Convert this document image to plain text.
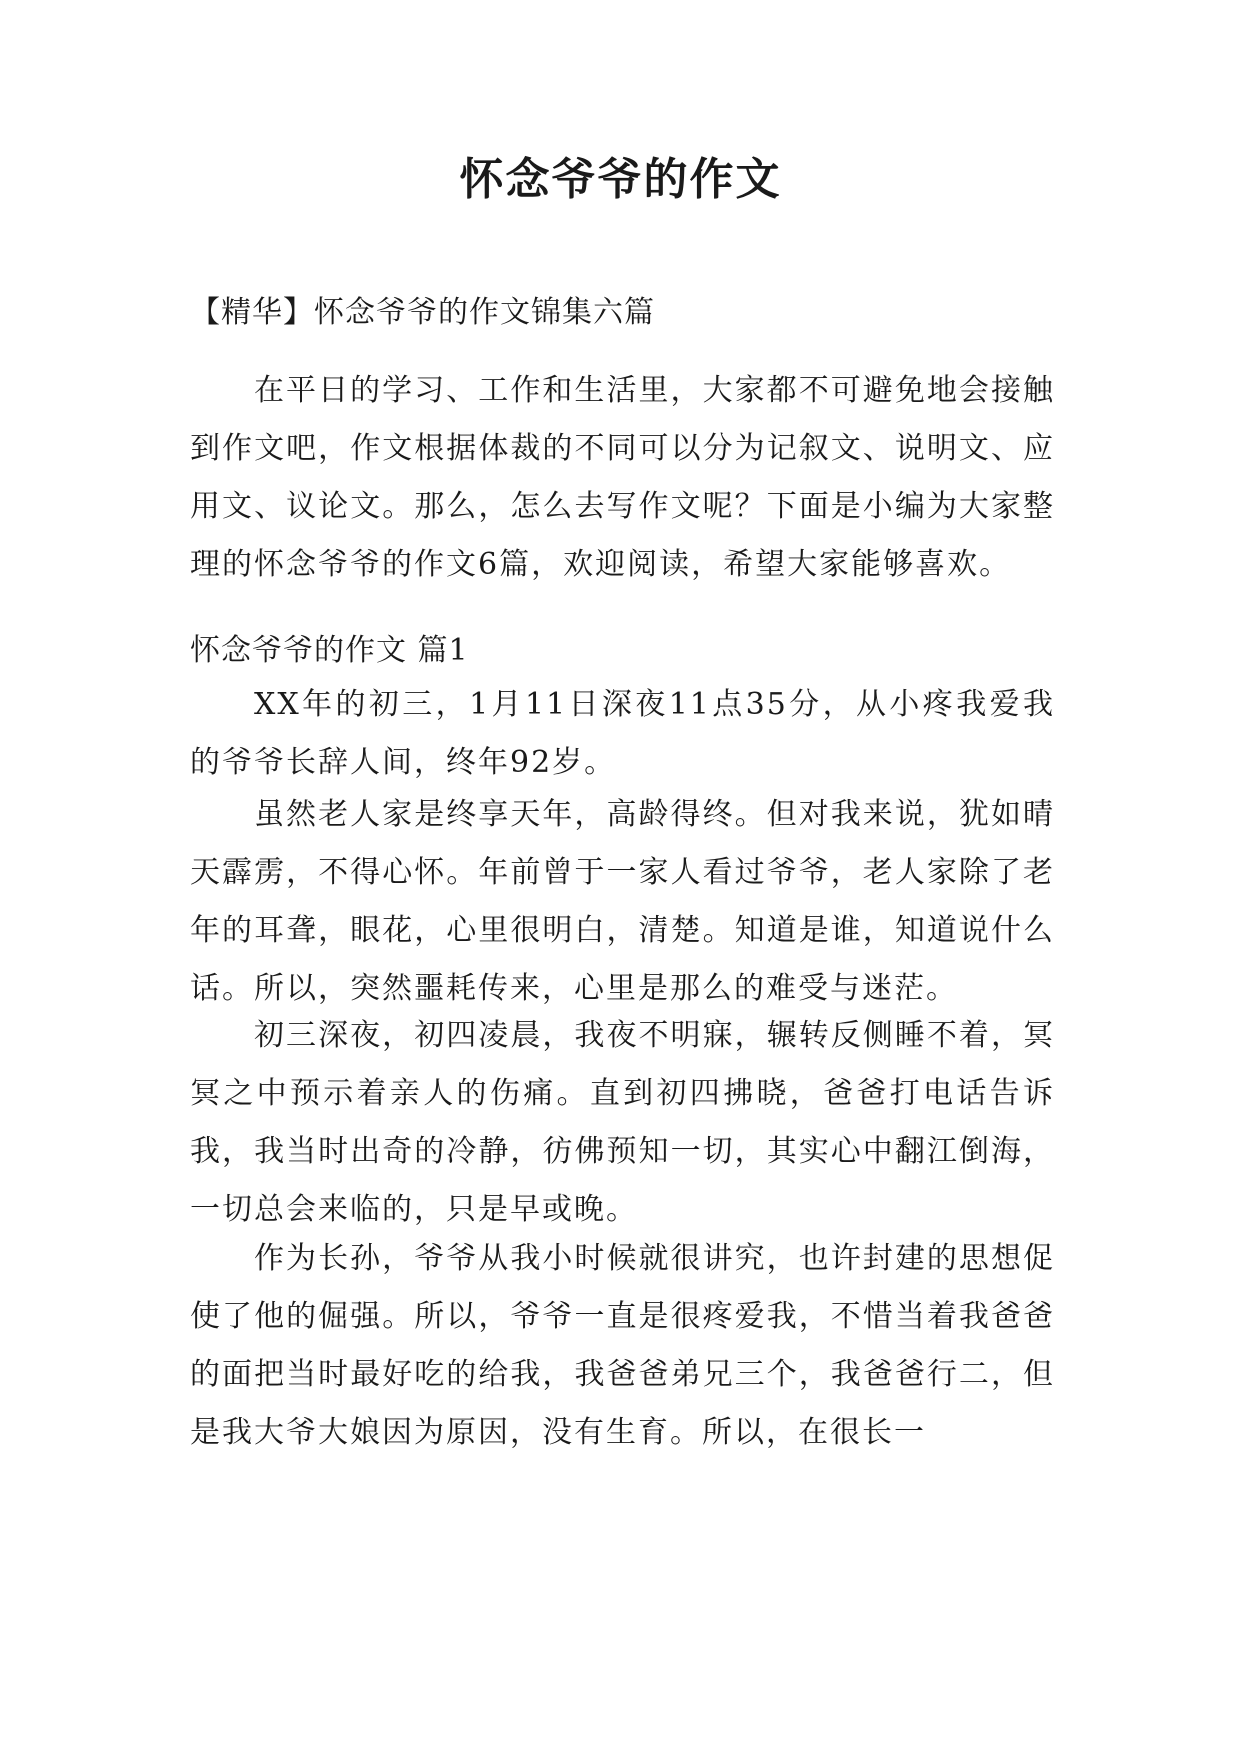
怀念爷爷的作文
【精华】怀念爷爷的作文锦集六篇

在平日的学习、工作和生活里，大家都不可避免地会接触到作文吧，作文根据体裁的不同可以分为记叙文、说明文、应用文、议论文。那么，怎么去写作文呢？下面是小编为大家整理的怀念爷爷的作文6篇，欢迎阅读，希望大家能够喜欢。

怀念爷爷的作文 篇1

XX年的初三，1月11日深夜11点35分，从小疼我爱我的爷爷长辞人间，终年92岁。

虽然老人家是终享天年，高龄得终。但对我来说，犹如晴天霹雳，不得心怀。年前曾于一家人看过爷爷，老人家除了老年的耳聋，眼花，心里很明白，清楚。知道是谁，知道说什么话。所以，突然噩耗传来，心里是那么的难受与迷茫。

初三深夜，初四凌晨，我夜不明寐，辗转反侧睡不着，冥冥之中预示着亲人的伤痛。直到初四拂晓，爸爸打电话告诉我，我当时出奇的冷静，彷佛预知一切，其实心中翻江倒海，一切总会来临的，只是早或晚。

作为长孙，爷爷从我小时候就很讲究，也许封建的思想促使了他的倔强。所以，爷爷一直是很疼爱我，不惜当着我爸爸的面把当时最好吃的给我，我爸爸弟兄三个，我爸爸行二，但是我大爷大娘因为原因，没有生育。所以，在很长一
